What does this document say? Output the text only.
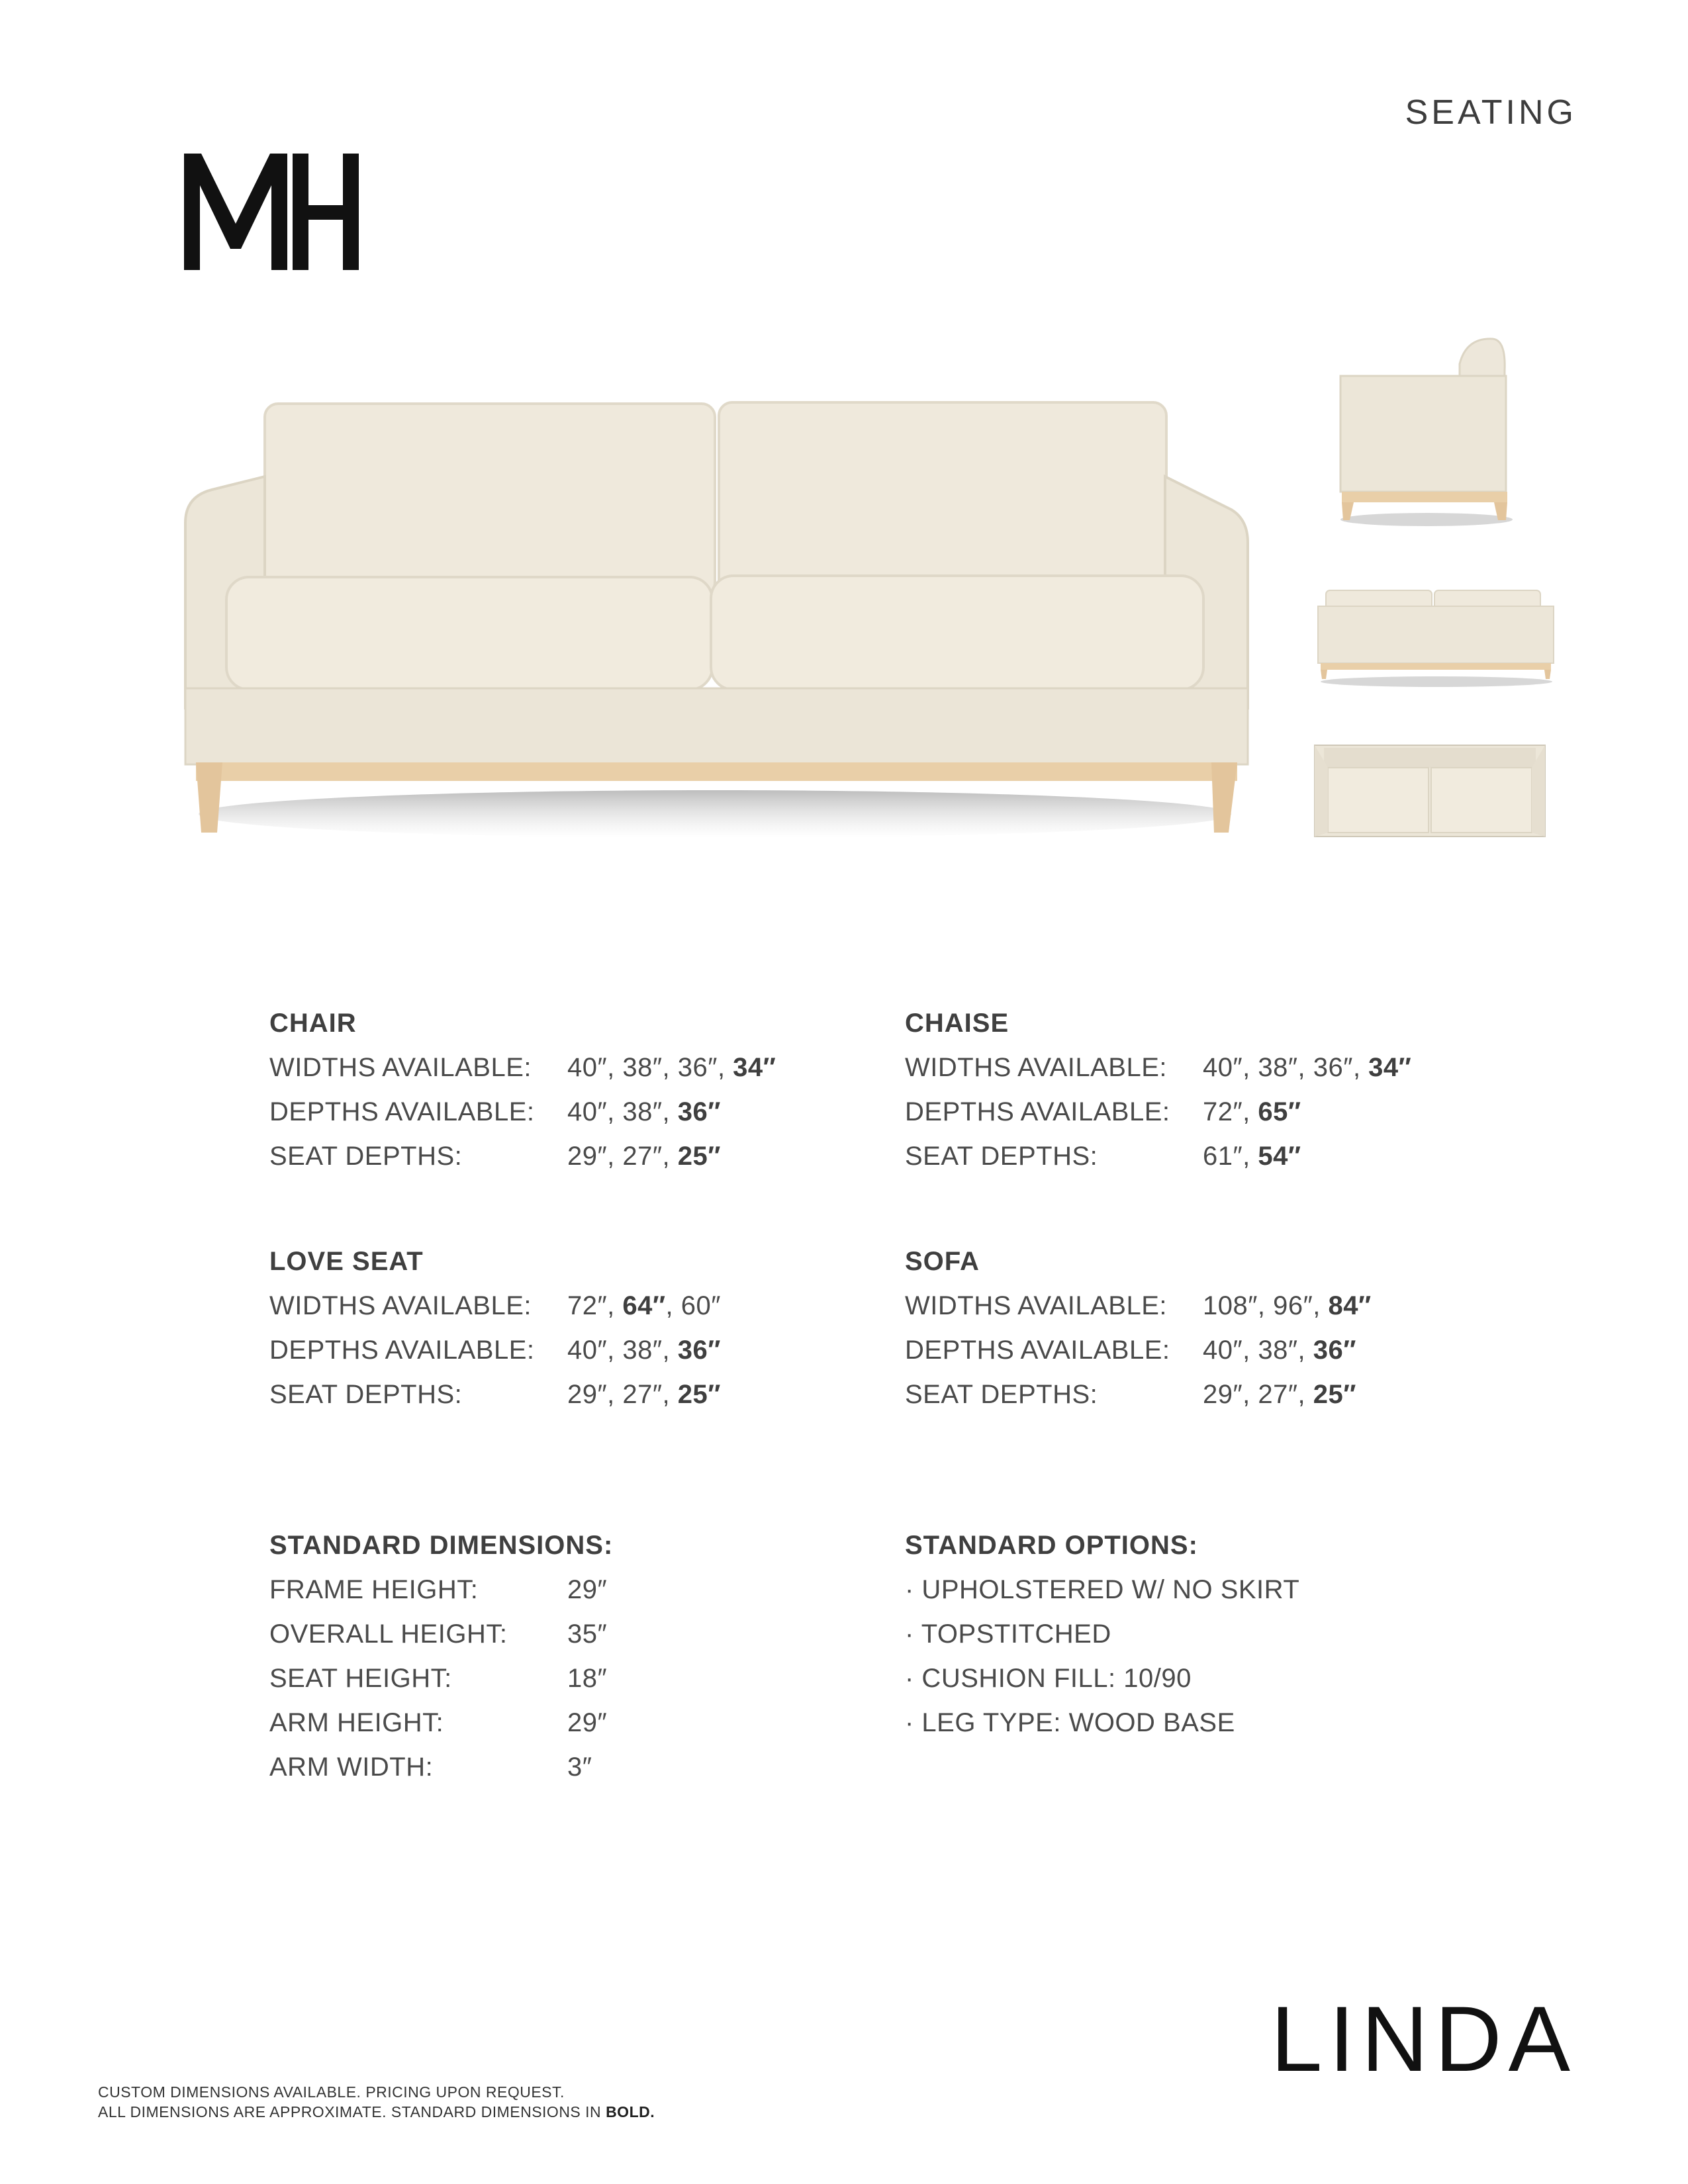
SEATING
CHAIR
WIDTHS AVAILABLE:	40″, 38″, 36″, 34″
DEPTHS AVAILABLE:	40″, 38″, 36″
SEAT DEPTHS:	29″, 27″, 25″
CHAISE
WIDTHS AVAILABLE:	40″, 38″, 36″, 34″
DEPTHS AVAILABLE:	72″, 65″
SEAT DEPTHS:	61″, 54″
LOVE SEAT
WIDTHS AVAILABLE:	72″, 64″, 60″
DEPTHS AVAILABLE:	40″, 38″, 36″
SEAT DEPTHS:	29″, 27″, 25″
SOFA
WIDTHS AVAILABLE:	108″, 96″, 84″
DEPTHS AVAILABLE:	40″, 38″, 36″
SEAT DEPTHS:	29″, 27″, 25″
STANDARD DIMENSIONS:
FRAME HEIGHT:	29″
OVERALL HEIGHT:	35″
SEAT HEIGHT:	18″
ARM HEIGHT:	29″
ARM WIDTH:	3″
STANDARD OPTIONS:
· UPHOLSTERED W/ NO SKIRT
· TOPSTITCHED
· CUSHION FILL: 10/90
· LEG TYPE: WOOD BASE
CUSTOM DIMENSIONS AVAILABLE. PRICING UPON REQUEST.
ALL DIMENSIONS ARE APPROXIMATE. STANDARD DIMENSIONS IN BOLD.
LINDA
